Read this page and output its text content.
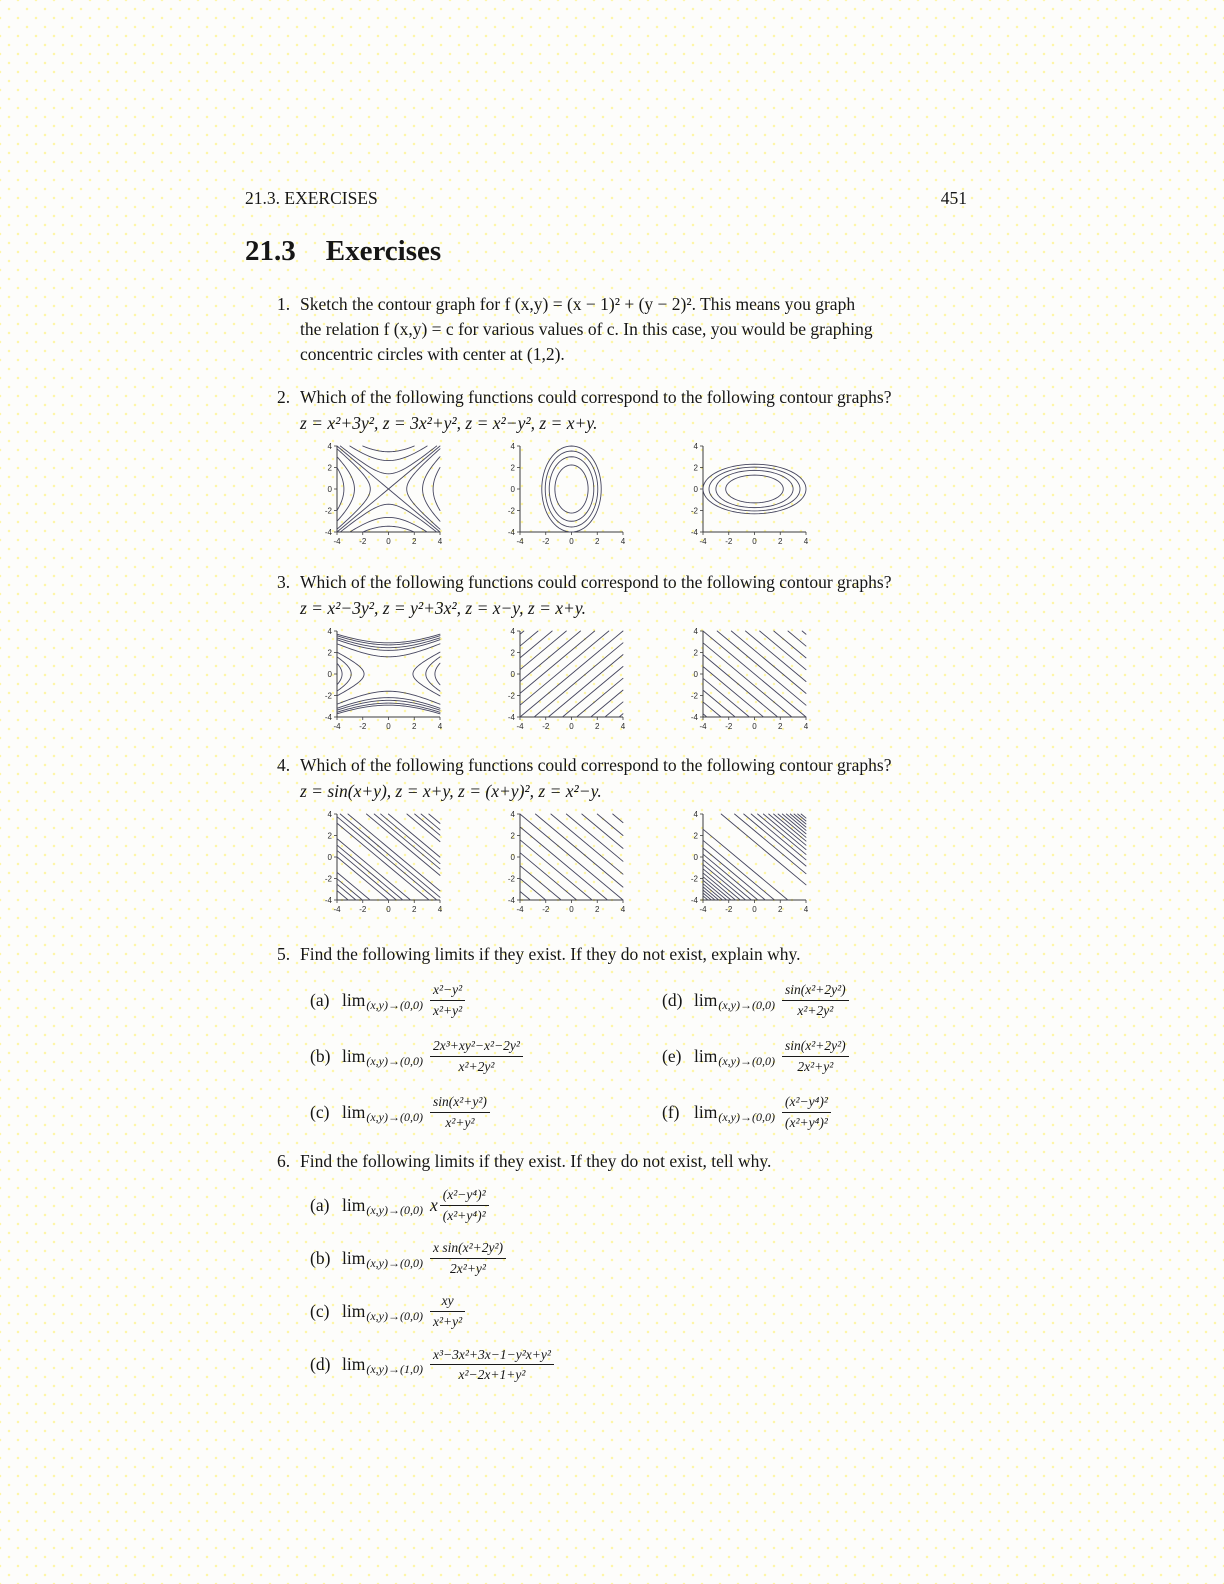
21.3. EXERCISES	451
21.3 Exercises
1. Sketch the contour graph for f (x,y) = (x − 1)² + (y − 2)². This means you graph
the relation f (x,y) = c for various values of c. In this case, you would be graphing
concentric circles with center at (1,2).
2. Which of the following functions could correspond to the following contour graphs?
z = x²+3y², z = 3x²+y², z = x²−y², z = x+y.
-4 -2 0	2	4
-4
-2
0
2
4
-4 -2 0	2	4
-4
-2
0
2
4
-4 -2 0	2	4
-4
-2
0
2
4
3. Which of the following functions could correspond to the following contour graphs?
z = x²−3y², z = y²+3x², z = x−y, z = x+y.
-4 -2 0	2	4
-4
-2
0
2
4
-4 -2 0	2	4
-4
-2
0
2
4
-4 -2 0	2	4
-4
-2
0
2
4
4. Which of the following functions could correspond to the following contour graphs?
z = sin(x+y), z = x+y, z = (x+y)², z = x²−y.
-4 -2 0	2	4
-4
-2
0
2
4
-4 -2 0	2	4
-4
-2
0
2
4
-4 -2 0	2	4
-4
-2
0
2
4
5. Find the following limits if they exist. If they do not exist, explain why.
(a) $\lim (x,y)\to(0,0) \frac{\text{x²−y²}}{\text{x²+y²}}$	(d) $\lim (x,y)\to(0,0) \frac{\text{sin(x²+2y²)}}{\text{x²+2y²}}$
(b) $\lim (x,y)\to(0,0) \frac{\text{2x³+xy²−x²−2y²}}{\text{x²+2y²}}$	(e) $\lim (x,y)\to(0,0) \frac{\text{sin(x²+2y²)}}{\text{2x²+y²}}$
(c) $\lim (x,y)\to(0,0) \frac{\text{sin(x²+y²)}}{\text{x²+y²}}$	(f) $\lim (x,y)\to(0,0) \frac{\text{(x²−y⁴)²}}{\text{(x²+y⁴)²}}$
6. Find the following limits if they exist. If they do not exist, tell why.
(a) lim (x,y)→(0,0) x $\frac{\text{(x²−y⁴)²}}{\text{(x²+y⁴)²}}$
(b) $\lim (x,y)\to(0,0) \frac{\text{x sin(x²+2y²)}}{\text{2x²+y²}}$
(c) $\lim (x,y)\to(0,0) \frac{xy}{\text{x²+y²}}$
(d) $\lim (x,y)\to(1,0) \frac{\text{x³−3x²+3x−1−y²x+y²}}{\text{x²−2x+1+y²}}$
